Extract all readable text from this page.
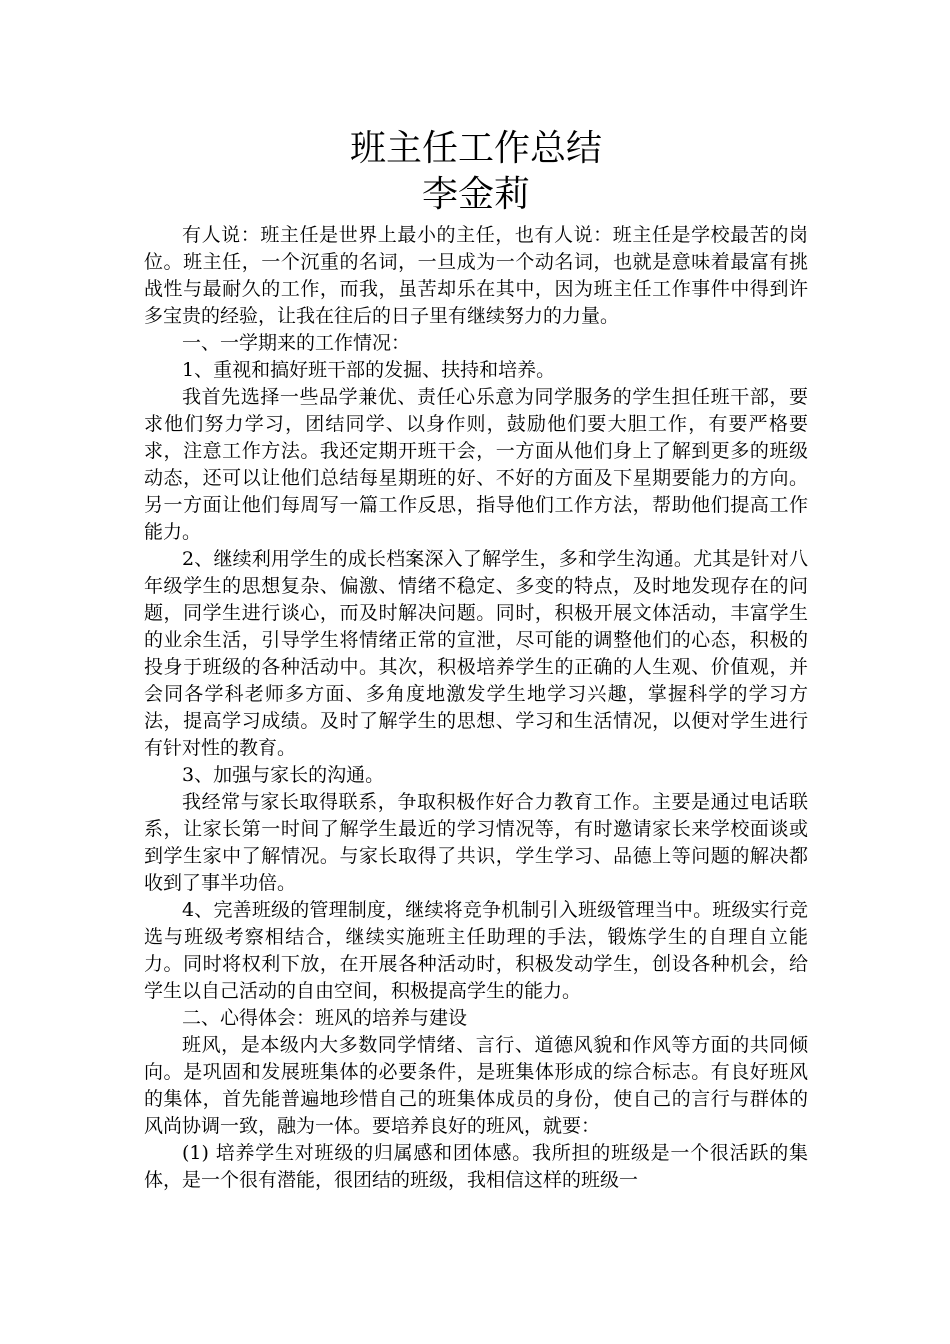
班主任工作总结
李金莉

有人说：班主任是世界上最小的主任，也有人说：班主任是学校最苦的岗位。班主任，一个沉重的名词，一旦成为一个动名词，也就是意味着最富有挑战性与最耐久的工作，而我，虽苦却乐在其中，因为班主任工作事件中得到许多宝贵的经验，让我在往后的日子里有继续努力的力量。

一、一学期来的工作情况：

1、重视和搞好班干部的发掘、扶持和培养。

我首先选择一些品学兼优、责任心乐意为同学服务的学生担任班干部，要求他们努力学习，团结同学、以身作则，鼓励他们要大胆工作，有要严格要求，注意工作方法。我还定期开班干会，一方面从他们身上了解到更多的班级动态，还可以让他们总结每星期班的好、不好的方面及下星期要能力的方向。另一方面让他们每周写一篇工作反思，指导他们工作方法，帮助他们提高工作能力。

2、继续利用学生的成长档案深入了解学生，多和学生沟通。尤其是针对八年级学生的思想复杂、偏激、情绪不稳定、多变的特点，及时地发现存在的问题，同学生进行谈心，而及时解决问题。同时，积极开展文体活动，丰富学生的业余生活，引导学生将情绪正常的宣泄，尽可能的调整他们的心态，积极的投身于班级的各种活动中。其次，积极培养学生的正确的人生观、价值观，并会同各学科老师多方面、多角度地激发学生地学习兴趣，掌握科学的学习方法，提高学习成绩。及时了解学生的思想、学习和生活情况，以便对学生进行有针对性的教育。

3、加强与家长的沟通。

我经常与家长取得联系，争取积极作好合力教育工作。主要是通过电话联系，让家长第一时间了解学生最近的学习情况等，有时邀请家长来学校面谈或到学生家中了解情况。与家长取得了共识，学生学习、品德上等问题的解决都收到了事半功倍。

4、完善班级的管理制度，继续将竞争机制引入班级管理当中。班级实行竞选与班级考察相结合，继续实施班主任助理的手法，锻炼学生的自理自立能力。同时将权利下放，在开展各种活动时，积极发动学生，创设各种机会，给学生以自己活动的自由空间，积极提高学生的能力。

二、心得体会：班风的培养与建设

班风，是本级内大多数同学情绪、言行、道德风貌和作风等方面的共同倾向。是巩固和发展班集体的必要条件，是班集体形成的综合标志。有良好班风的集体，首先能普遍地珍惜自己的班集体成员的身份，使自己的言行与群体的风尚协调一致，融为一体。要培养良好的班风，就要：

(1) 培养学生对班级的归属感和团体感。我所担的班级是一个很活跃的集体，是一个很有潜能，很团结的班级，我相信这样的班级一
